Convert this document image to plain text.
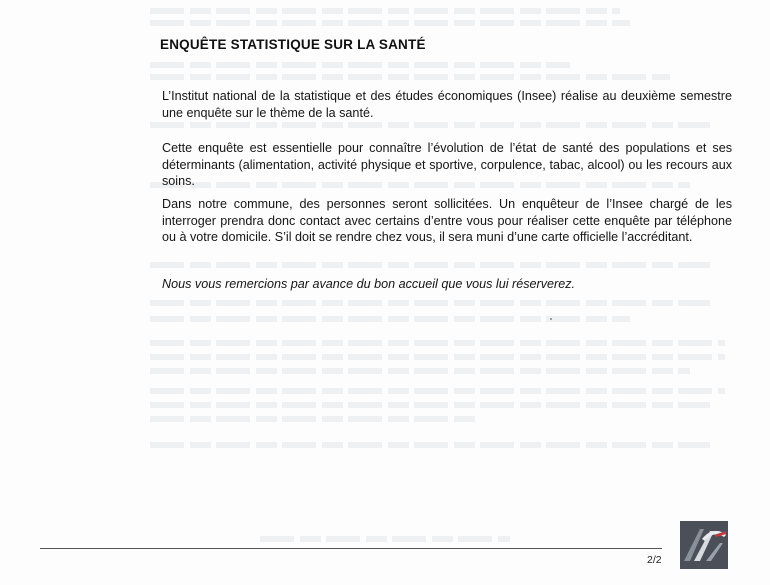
ENQUÊTE STATISTIQUE SUR LA SANTÉ

L’Institut national de la statistique et des études économiques (Insee) réalise au deuxième semestre une enquête sur le thème de la santé.

Cette enquête est essentielle pour connaître l’évolution de l’état de santé des populations et ses déterminants (alimentation, activité physique et sportive, corpulence, tabac, alcool) ou les recours aux soins.

Dans notre commune, des personnes seront sollicitées. Un enquêteur de l’Insee chargé de les interroger prendra donc contact avec certains d’entre vous pour réaliser cette enquête par téléphone ou à votre domicile. S’il doit se rendre chez vous, il sera muni d’une carte officielle l’accréditant.

Nous vous remercions par avance du bon accueil que vous lui réserverez.

2/2
